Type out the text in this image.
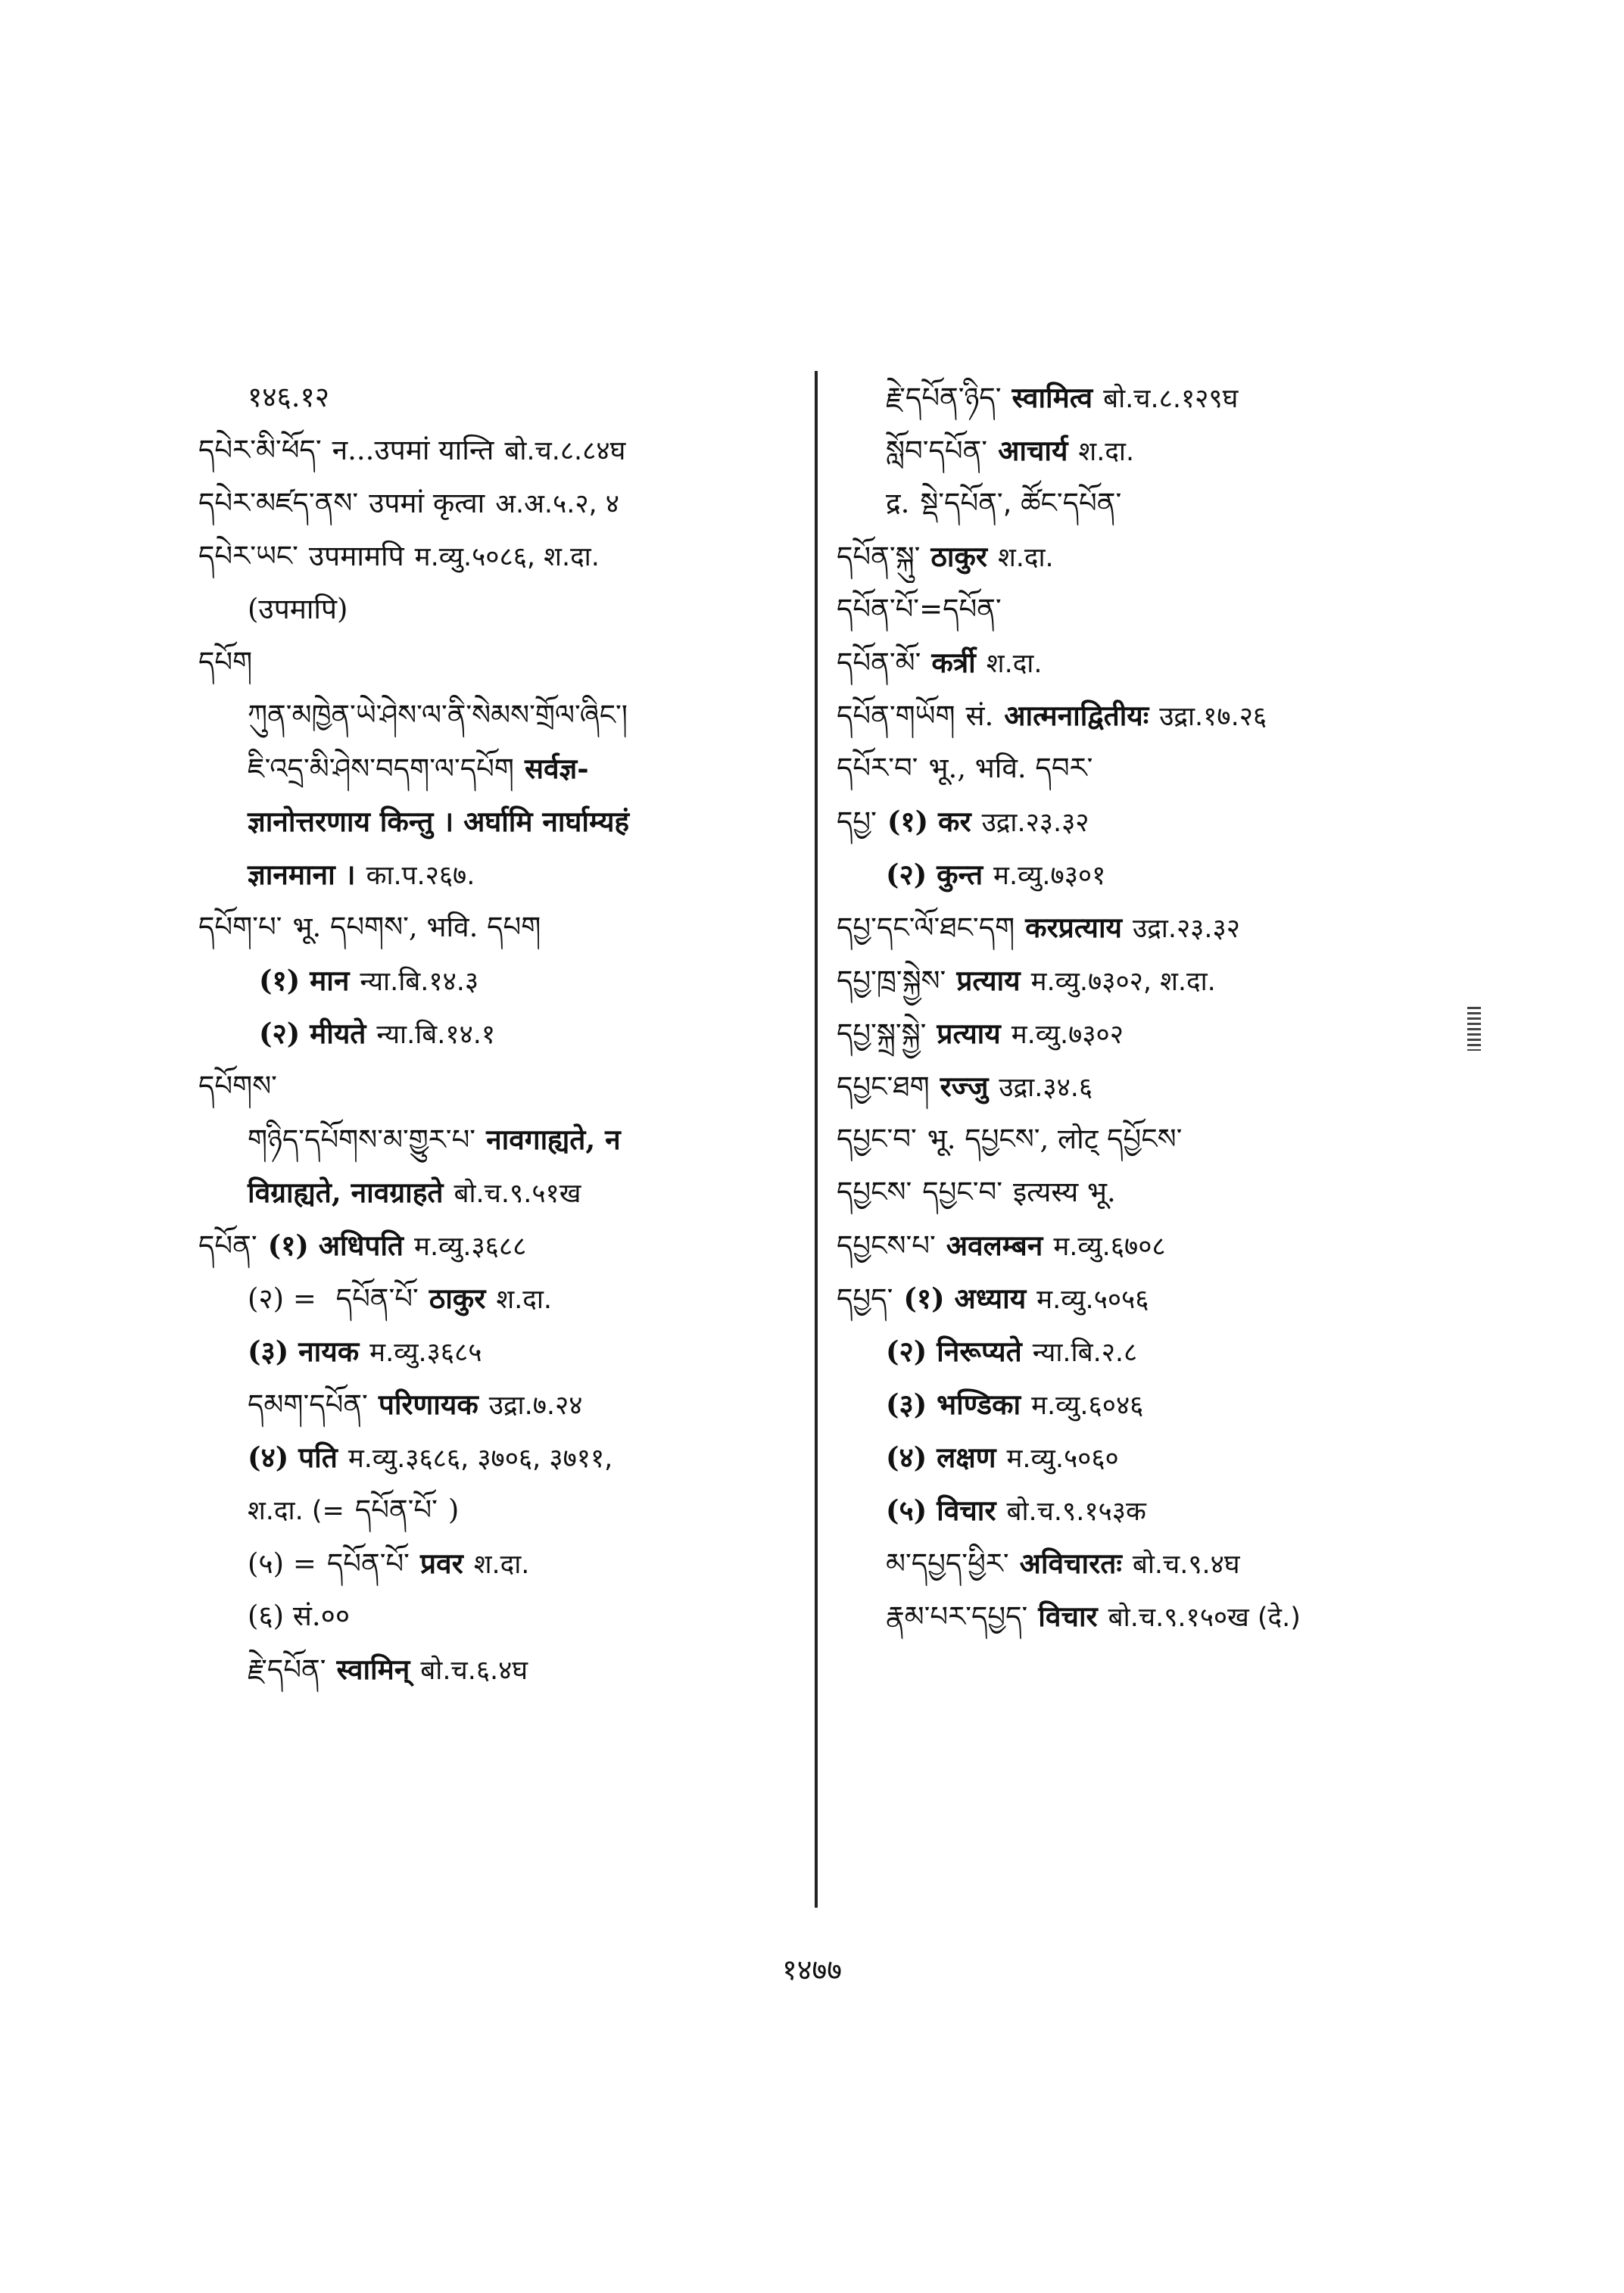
१४६.१२
དཔེར་མི་ཕོད་ न...उपमां यान्ति बो.च.८.८४घ
དཔེར་མཛད་ནས་ उपमां कृत्वा अ.अ.५.२, ४
དཔེར་ཡང་ उपमामपि म.व्यु.५०८६, श.दा.
(उपमापि)
དཔོག
ཀུན་མཁྱེན་ཡེ་ཤེས་ལ་ནི་སེམས་གྲོལ་ཞིང་།
ཇི་འདྲ་མི་ཤེས་བདག་ལ་དཔོག सर्वज्ञ-
ज्ञानोत्तरणाय किन्तु । अर्घामि नार्घाम्यहं
ज्ञानमाना । का.प.२६७.
དཔོག་པ་ भू. དཔགས་, भवि. དཔག
(१) मान न्या.बि.१४.३
(२) मीयते न्या.बि.१४.१
དཔོགས་
གཉིད་དཔོགས་མ་གྱུར་པ་ नावगाह्यते, न
विग्राह्यते, नावग्राहते बो.च.९.५१ख
དཔོན་ (१) अधिपति म.व्यु.३६८८
(२) = དཔོན་པོ་ ठाकुर श.दा.
(३) नायक म.व्यु.३६८५
དམག་དཔོན་ परिणायक उद्रा.७.२४
(४) पति म.व्यु.३६८६, ३७०६, ३७११,
श.दा. (= དཔོན་པོ་ )
(५) = དཔོན་པོ་ प्रवर श.दा.
(६) सं.००
རྗེ་དཔོན་ स्वामिन् बो.च.६.४घ
རྗེ་དཔོན་ཉིད་ स्वामित्व बो.च.८.१२९घ
སློབ་དཔོན་ आचार्य श.दा.
द्र. སྡེ་དཔོན་, ཚོང་དཔོན་
དཔོན་སྐུ་ ठाकुर श.दा.
དཔོན་པོ་=དཔོན་
དཔོན་མོ་ कर्त्री श.दा.
དཔོན་གཡོག सं. आत्मनाद्वितीयः उद्रा.१७.२६
དཔོར་བ་ भू., भवि. དབར་
དཔྱ་ (१) कर उद्रा.२३.३२
(२) कुन्त म.व्यु.७३०१
དཔྱ་དང་ལོ་ཐང་དག करप्रत्याय उद्रा.२३.३२
དཔྱ་ཁྲ་སྐྱེས་ प्रत्याय म.व्यु.७३०२, श.दा.
དཔྱ་སྐྲ་སྐྱེ་ प्रत्याय म.व्यु.७३०२
དཔྱང་ཐག रज्जु उद्रा.३४.६
དཔྱང་བ་ भू. དཔྱངས་, लोट् དཔྱོངས་
དཔྱངས་ དཔྱང་བ་ इत्यस्य भू.
དཔྱངས་པ་ अवलम्बन म.व्यु.६७०८
དཔྱད་ (१) अध्याय म.व्यु.५०५६
(२) निरूप्यते न्या.बि.२.८
(३) भण्डिका म.व्यु.६०४६
(४) लक्षण म.व्यु.५०६०
(५) विचार बो.च.९.१५३क
མ་དཔྱད་ཕྱིར་ अविचारतः बो.च.९.४घ
རྣམ་པར་དཔྱད་ विचार बो.च.९.१५०ख (दे.)
१४७७
